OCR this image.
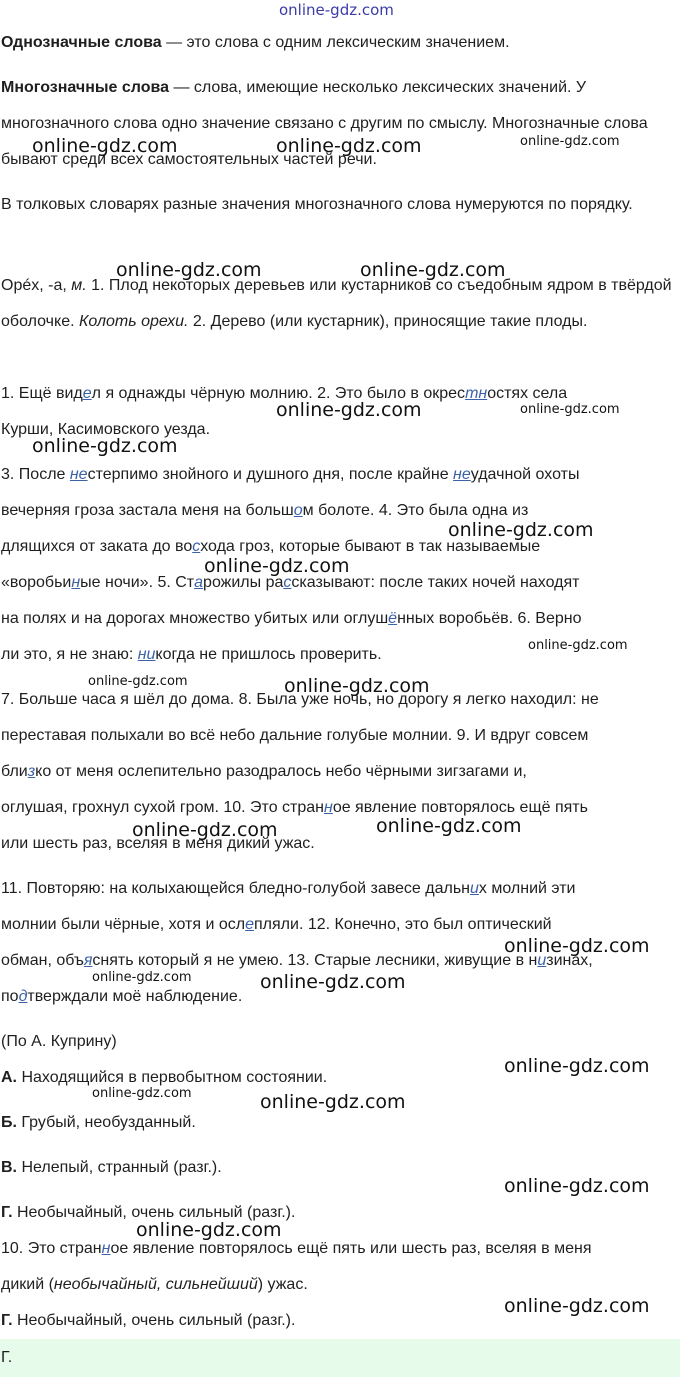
online-gdz.com

Однозначные слова — это слова с одним лексическим значением.

Многозначные слова — слова, имеющие несколько лексических значений. У многозначного слова одно значение связано с другим по смыслу. Многозначные слова бывают среди всех самостоятельных частей речи.

В толковых словарях разные значения многозначного слова нумеруются по порядку.

Орéх, -а, м. 1. Плод некоторых деревьев или кустарников со съедобным ядром в твёрдой оболочке. Колоть орехи. 2. Дерево (или кустарник), приносящие такие плоды.

1. Ещё видел я однажды чёрную молнию. 2. Это было в окрестностях села
Курши, Касимовского уезда.
3. После нестерпимо знойного и душного дня, после крайне неудачной охоты
вечерняя гроза застала меня на большом болоте. 4. Это была одна из
длящихся от заката до восхода гроз, которые бывают в так называемые
«воробьиные ночи». 5. Старожилы рассказывают: после таких ночей находят
на полях и на дорогах множество убитых или оглушённых воробьёв. 6. Верно
ли это, я не знаю: никогда не пришлось проверить.
7. Больше часа я шёл до дома. 8. Была уже ночь, но дорогу я легко находил: не
переставая полыхали во всё небо дальние голубые молнии. 9. И вдруг совсем
близко от меня ослепительно разодралось небо чёрными зигзагами и,
оглушая, грохнул сухой гром. 10. Это странное явление повторялось ещё пять
или шесть раз, вселяя в меня дикий ужас.
11. Повторяю: на колыхающейся бледно-голубой завесе дальних молний эти
молнии были чёрные, хотя и ослепляли. 12. Конечно, это был оптический
обман, объяснять который я не умею. 13. Старые лесники, живущие в низинах,
подтверждали моё наблюдение.
(По А. Куприну)
А. Находящийся в первобытном состоянии.
Б. Грубый, необузданный.
В. Нелепый, странный (разг.).
Г. Необычайный, очень сильный (разг.).
10. Это странное явление повторялось ещё пять или шесть раз, вселяя в меня
дикий (необычайный, сильнейший) ужас.
Г. Необычайный, очень сильный (разг.).
Г.
online-gdz.com	online-gdz.com	online-gdz.com
online-gdz.com	online-gdz.com
online-gdz.com	online-gdz.com
online-gdz.com
online-gdz.com
online-gdz.com
online-gdz.com
online-gdz.com	online-gdz.com
online-gdz.com
online-gdz.com
online-gdz.com
online-gdz.com	online-gdz.com
online-gdz.com
online-gdz.com	online-gdz.com
online-gdz.com
online-gdz.com
online-gdz.com
